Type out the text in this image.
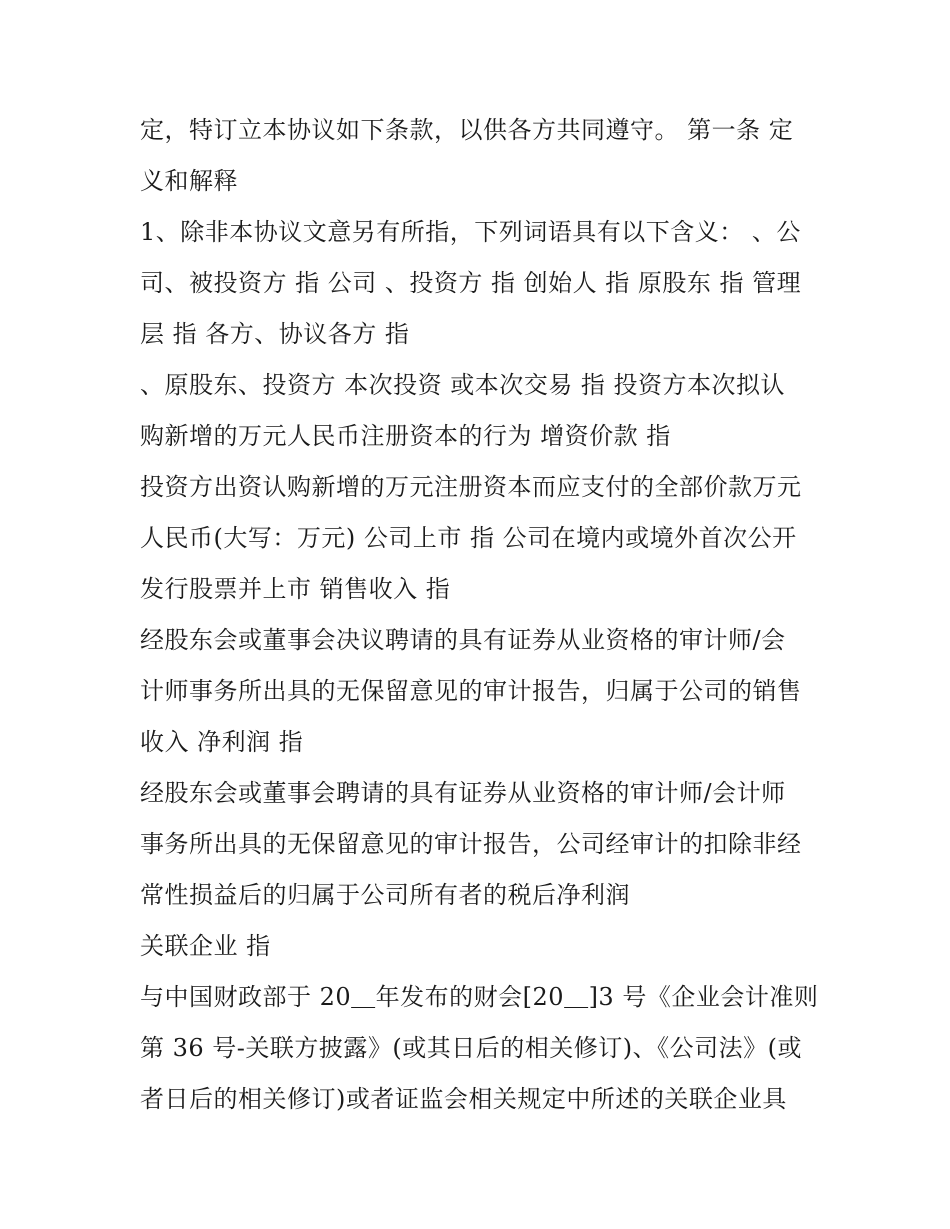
定，特订立本协议如下条款，以供各方共同遵守。 第一条 定
义和解释
1、除非本协议文意另有所指，下列词语具有以下含义： 、公
司、被投资方 指 公司 、投资方 指 创始人 指 原股东 指 管理
层 指 各方、协议各方 指
、原股东、投资方 本次投资 或本次交易 指 投资方本次拟认
购新增的万元人民币注册资本的行为 增资价款 指
投资方出资认购新增的万元注册资本而应支付的全部价款万元
人民币(大写：万元) 公司上市 指 公司在境内或境外首次公开
发行股票并上市 销售收入 指
经股东会或董事会决议聘请的具有证券从业资格的审计师/会
计师事务所出具的无保留意见的审计报告，归属于公司的销售
收入 净利润 指
经股东会或董事会聘请的具有证券从业资格的审计师/会计师
事务所出具的无保留意见的审计报告，公司经审计的扣除非经
常性损益后的归属于公司所有者的税后净利润
关联企业 指
与中国财政部于 20＿年发布的财会[20＿]3 号《企业会计准则
第 36 号-关联方披露》(或其日后的相关修订)、《公司法》(或
者日后的相关修订)或者证监会相关规定中所述的关联企业具
